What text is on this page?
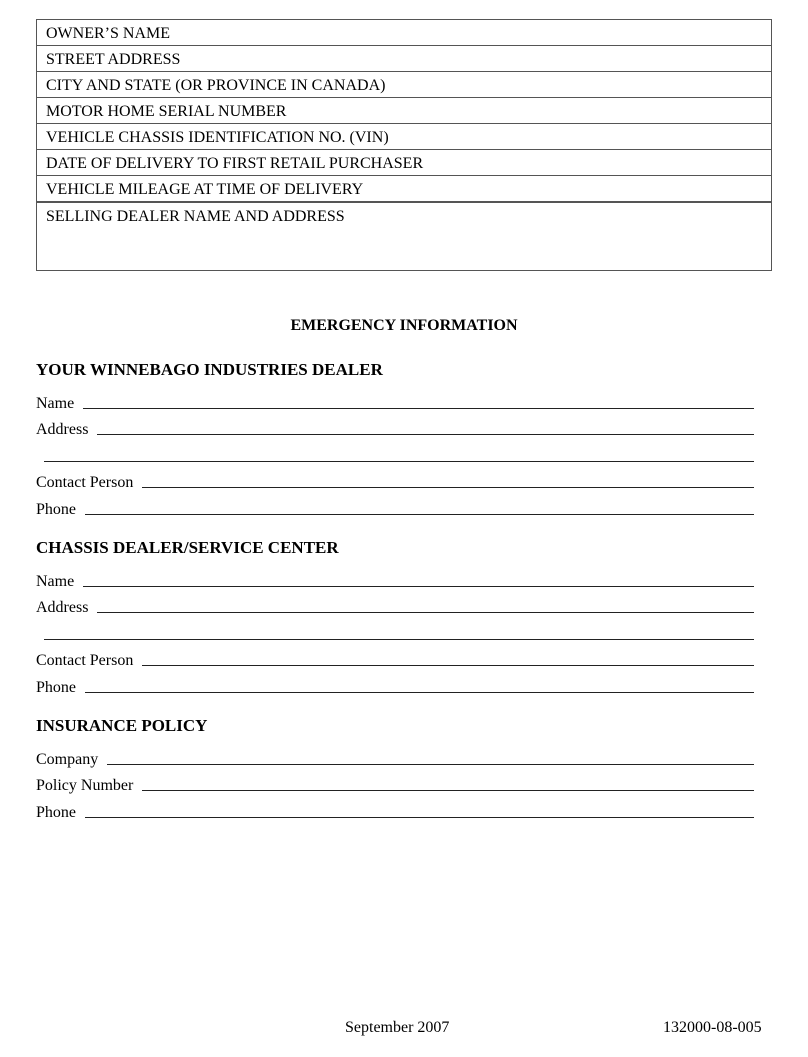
OWNER’S NAME
STREET ADDRESS
CITY AND STATE (OR PROVINCE IN CANADA)
MOTOR HOME SERIAL NUMBER
VEHICLE CHASSIS IDENTIFICATION NO. (VIN)
DATE OF DELIVERY TO FIRST RETAIL PURCHASER
VEHICLE MILEAGE AT TIME OF DELIVERY
SELLING DEALER NAME AND ADDRESS
EMERGENCY INFORMATION
YOUR WINNEBAGO INDUSTRIES DEALER
Name
Address
Contact Person
Phone
CHASSIS DEALER/SERVICE CENTER
Name
Address
Contact Person
Phone
INSURANCE POLICY
Company
Policy Number
Phone
September 2007	132000-08-005
